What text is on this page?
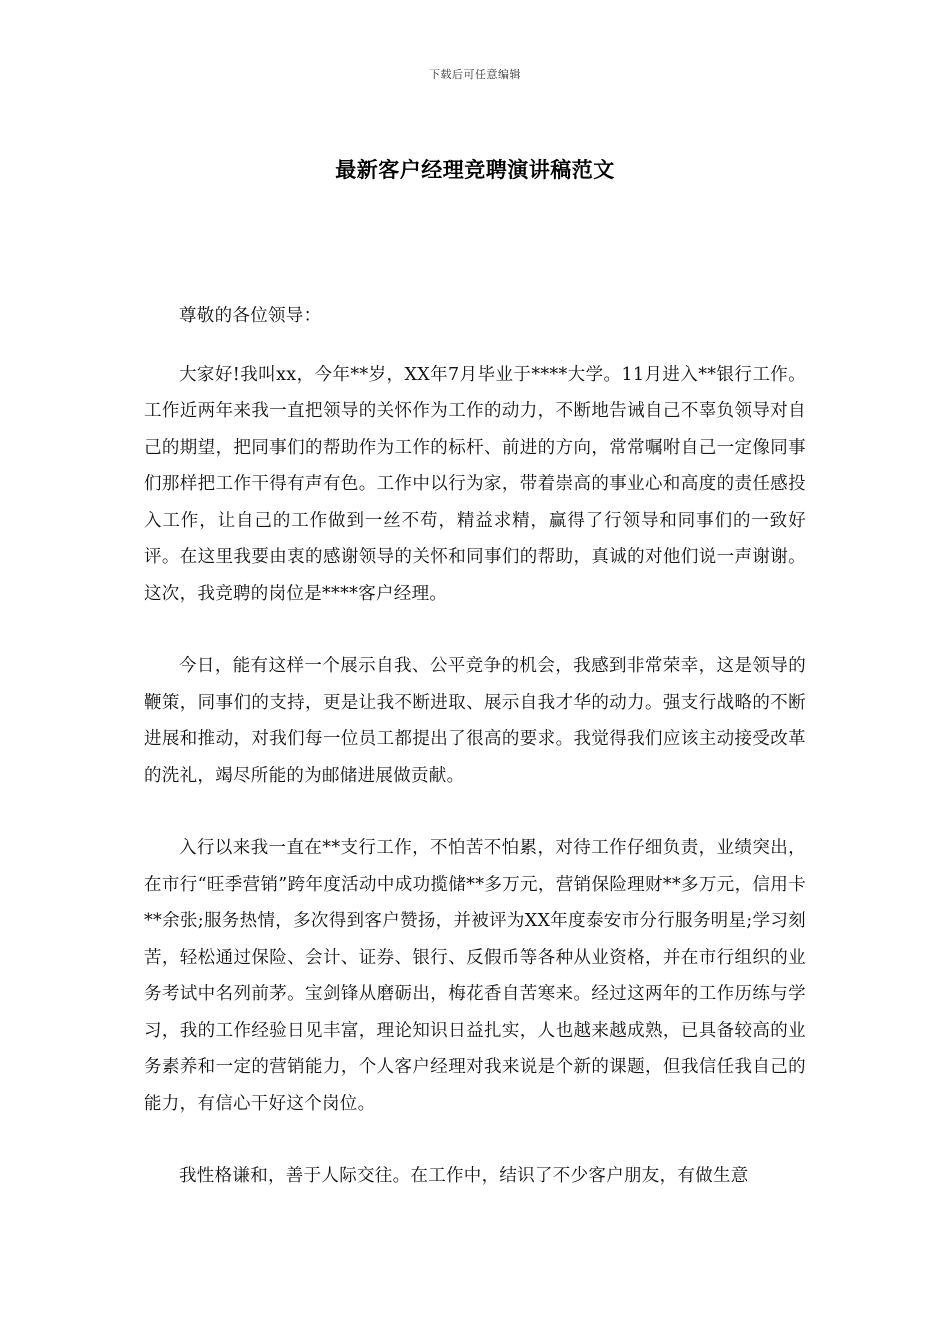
下载后可任意编辑
最新客户经理竞聘演讲稿范文

尊敬的各位领导：

大家好!我叫xx，今年**岁，XX年7月毕业于****大学。11月进入**银行工作。工作近两年来我一直把领导的关怀作为工作的动力，不断地告诫自己不辜负领导对自己的期望，把同事们的帮助作为工作的标杆、前进的方向，常常嘱咐自己一定像同事们那样把工作干得有声有色。工作中以行为家，带着崇高的事业心和高度的责任感投入工作，让自己的工作做到一丝不苟，精益求精，赢得了行领导和同事们的一致好评。在这里我要由衷的感谢领导的关怀和同事们的帮助，真诚的对他们说一声谢谢。这次，我竞聘的岗位是****客户经理。

今日，能有这样一个展示自我、公平竞争的机会，我感到非常荣幸，这是领导的鞭策，同事们的支持，更是让我不断进取、展示自我才华的动力。强支行战略的不断进展和推动，对我们每一位员工都提出了很高的要求。我觉得我们应该主动接受改革的洗礼，竭尽所能的为邮储进展做贡献。

入行以来我一直在**支行工作，不怕苦不怕累，对待工作仔细负责，业绩突出，在市行“旺季营销”跨年度活动中成功揽储**多万元，营销保险理财**多万元，信用卡**余张;服务热情，多次得到客户赞扬，并被评为XX年度泰安市分行服务明星;学习刻苦，轻松通过保险、会计、证券、银行、反假币等各种从业资格，并在市行组织的业务考试中名列前茅。宝剑锋从磨砺出，梅花香自苦寒来。经过这两年的工作历练与学习，我的工作经验日见丰富，理论知识日益扎实，人也越来越成熟，已具备较高的业务素养和一定的营销能力，个人客户经理对我来说是个新的课题，但我信任我自己的能力，有信心干好这个岗位。

我性格谦和，善于人际交往。在工作中，结识了不少客户朋友，有做生意
